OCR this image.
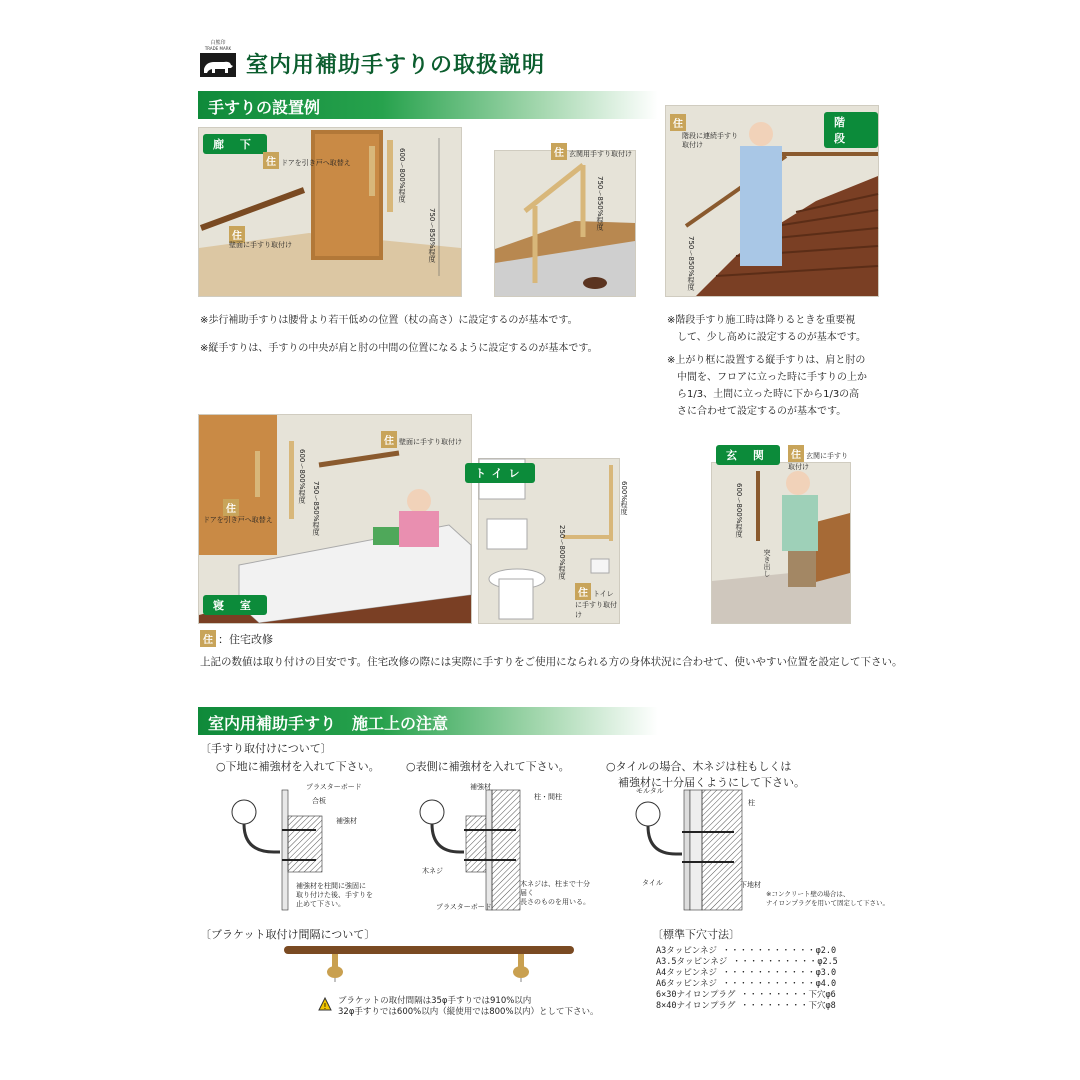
白熊印
TRADE MARK
室内用補助手すりの取扱説明
手すりの設置例
廊 下
住 ドアを引き戸へ取替え
住
壁面に手すり取付け
600～800%程度
750～850%程度
住 玄関用手すり取付け
750～850%程度
階 段
住
階段に連続手すり取付け
750～850%程度
※歩行補助手すりは腰骨より若干低めの位置（杖の高さ）に設定するのが基本です。
※縦手すりは、手すりの中央が肩と肘の中間の位置になるように設定するのが基本です。
※階段手すり施工時は降りるときを重要視
して、少し高めに設定するのが基本です。
※上がり框に設置する縦手すりは、肩と肘の
中間を、フロアに立った時に手すりの上か
ら1/3、土間に立った時に下から1/3の高
さに合わせて設定するのが基本です。
住 壁面に手すり取付け
住
ドアを引き戸へ取替え
600～800%程度
750～850%程度
寝 室
トイレ
住 トイレに手すり取付け
600%程度
250～800%程度
玄 関	住 玄関に手すり取付け
600～800%程度
突き出し
住 ：住宅改修
上記の数値は取り付けの目安です。住宅改修の際には実際に手すりをご使用になられる方の身体状況に合わせて、使いやすい位置を設定して下さい。
室内用補助手すり　施工上の注意
〔手すり取付けについて〕
○下地に補強材を入れて下さい。 ○表側に補強材を入れて下さい。	○タイルの場合、木ネジは柱もしくは
補強材に十分届くようにして下さい。
プラスターボード
合板
補強材
補強材を柱間に強固に
取り付けた後、手すりを
止めて下さい。
補強材
柱・間柱
木ネジ
プラスターボード
木ネジは、柱まで十分届く
長さのものを用いる。
モルタル
柱
タイル	下地材
※コンクリート壁の場合は、
ナイロンプラグを用いて固定して下さい。
〔ブラケット取付け間隔について〕
!
ブラケットの取付間隔は35φ手すりでは910%以内
32φ手すりでは600%以内（縦使用では800%以内）として下さい。
〔標準下穴寸法〕
A3タッピンネジ ・・・・・・・・・・・φ2.0
A3.5タッピンネジ ・・・・・・・・・・φ2.5
A4タッピンネジ ・・・・・・・・・・・φ3.0
A6タッピンネジ ・・・・・・・・・・・φ4.0
6×30ナイロンプラグ ・・・・・・・・下穴φ6
8×40ナイロンプラグ ・・・・・・・・下穴φ8
